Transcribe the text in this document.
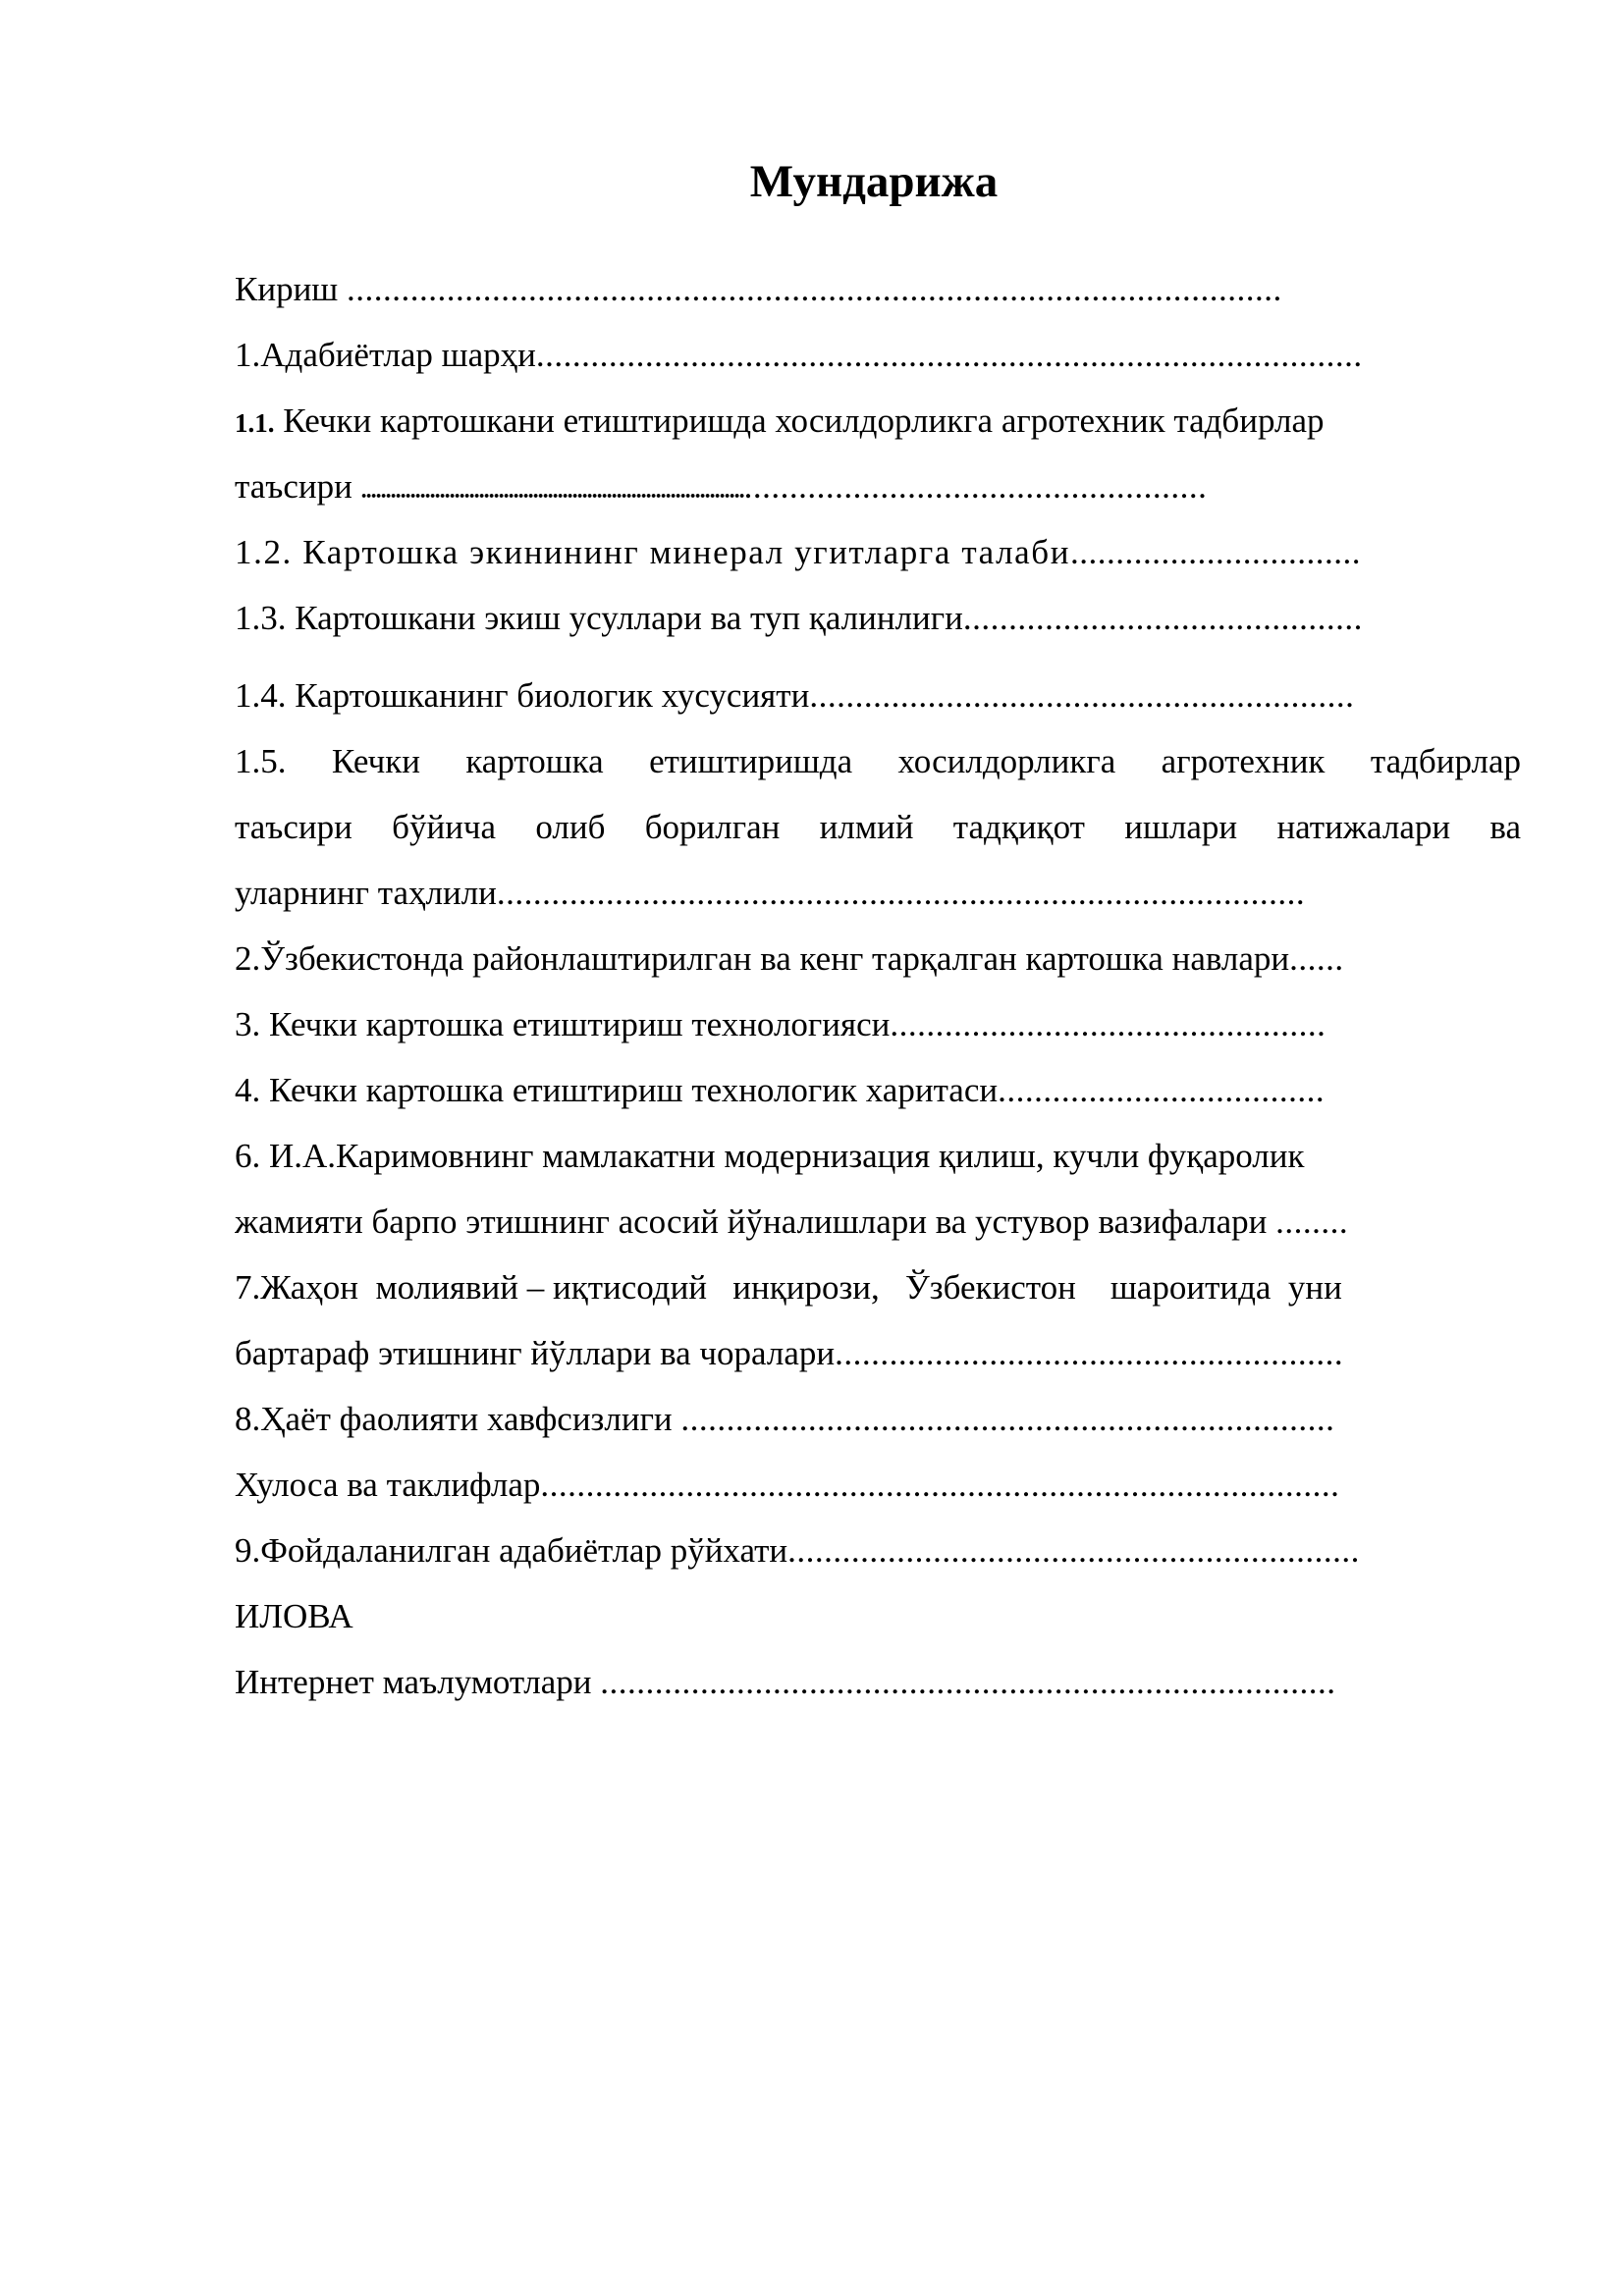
Мундарижа
Кириш .......................................................................................................
1.Адабиётлар шарҳи...........................................................................................
1.1. Кечки картошкани етиштиришда хосилдорликга агротехник тадбирлар
таъсири .................................................................................................................................
1.2. Картошка экинининг минерал угитларга талаби................................
1.3. Картошкани экиш усуллари ва туп қалинлиги............................................
1.4. Картошканинг биологик хусусияти............................................................
1.5. Кечки картошка етиштиришда хосилдорликга агротехник тадбирлар
таъсири бўйича олиб борилган илмий тадқиқот ишлари натижалари ва
уларнинг таҳлили.........................................................................................
2.Ўзбекистонда районлаштирилган ва кенг тарқалган картошка навлари......
3. Кечки картошка етиштириш технологияси................................................
4. Кечки картошка етиштириш технологик харитаси....................................
6. И.А.Каримовнинг мамлакатни модернизация қилиш, кучли фуқаролик
жамияти барпо этишнинг асосий йўналишлари ва устувор вазифалари ........
7.Жаҳон  молиявий – иқтисодий   инқирози,   Ўзбекистон    шароитида  уни
бартараф этишнинг йўллари ва чоралари........................................................
8.Ҳаёт фаолияти хавфсизлиги ........................................................................
Хулоса ва таклифлар........................................................................................
9.Фойдаланилган адабиётлар рўйхати...............................................................
ИЛОВА
Интернет маълумотлари .................................................................................
